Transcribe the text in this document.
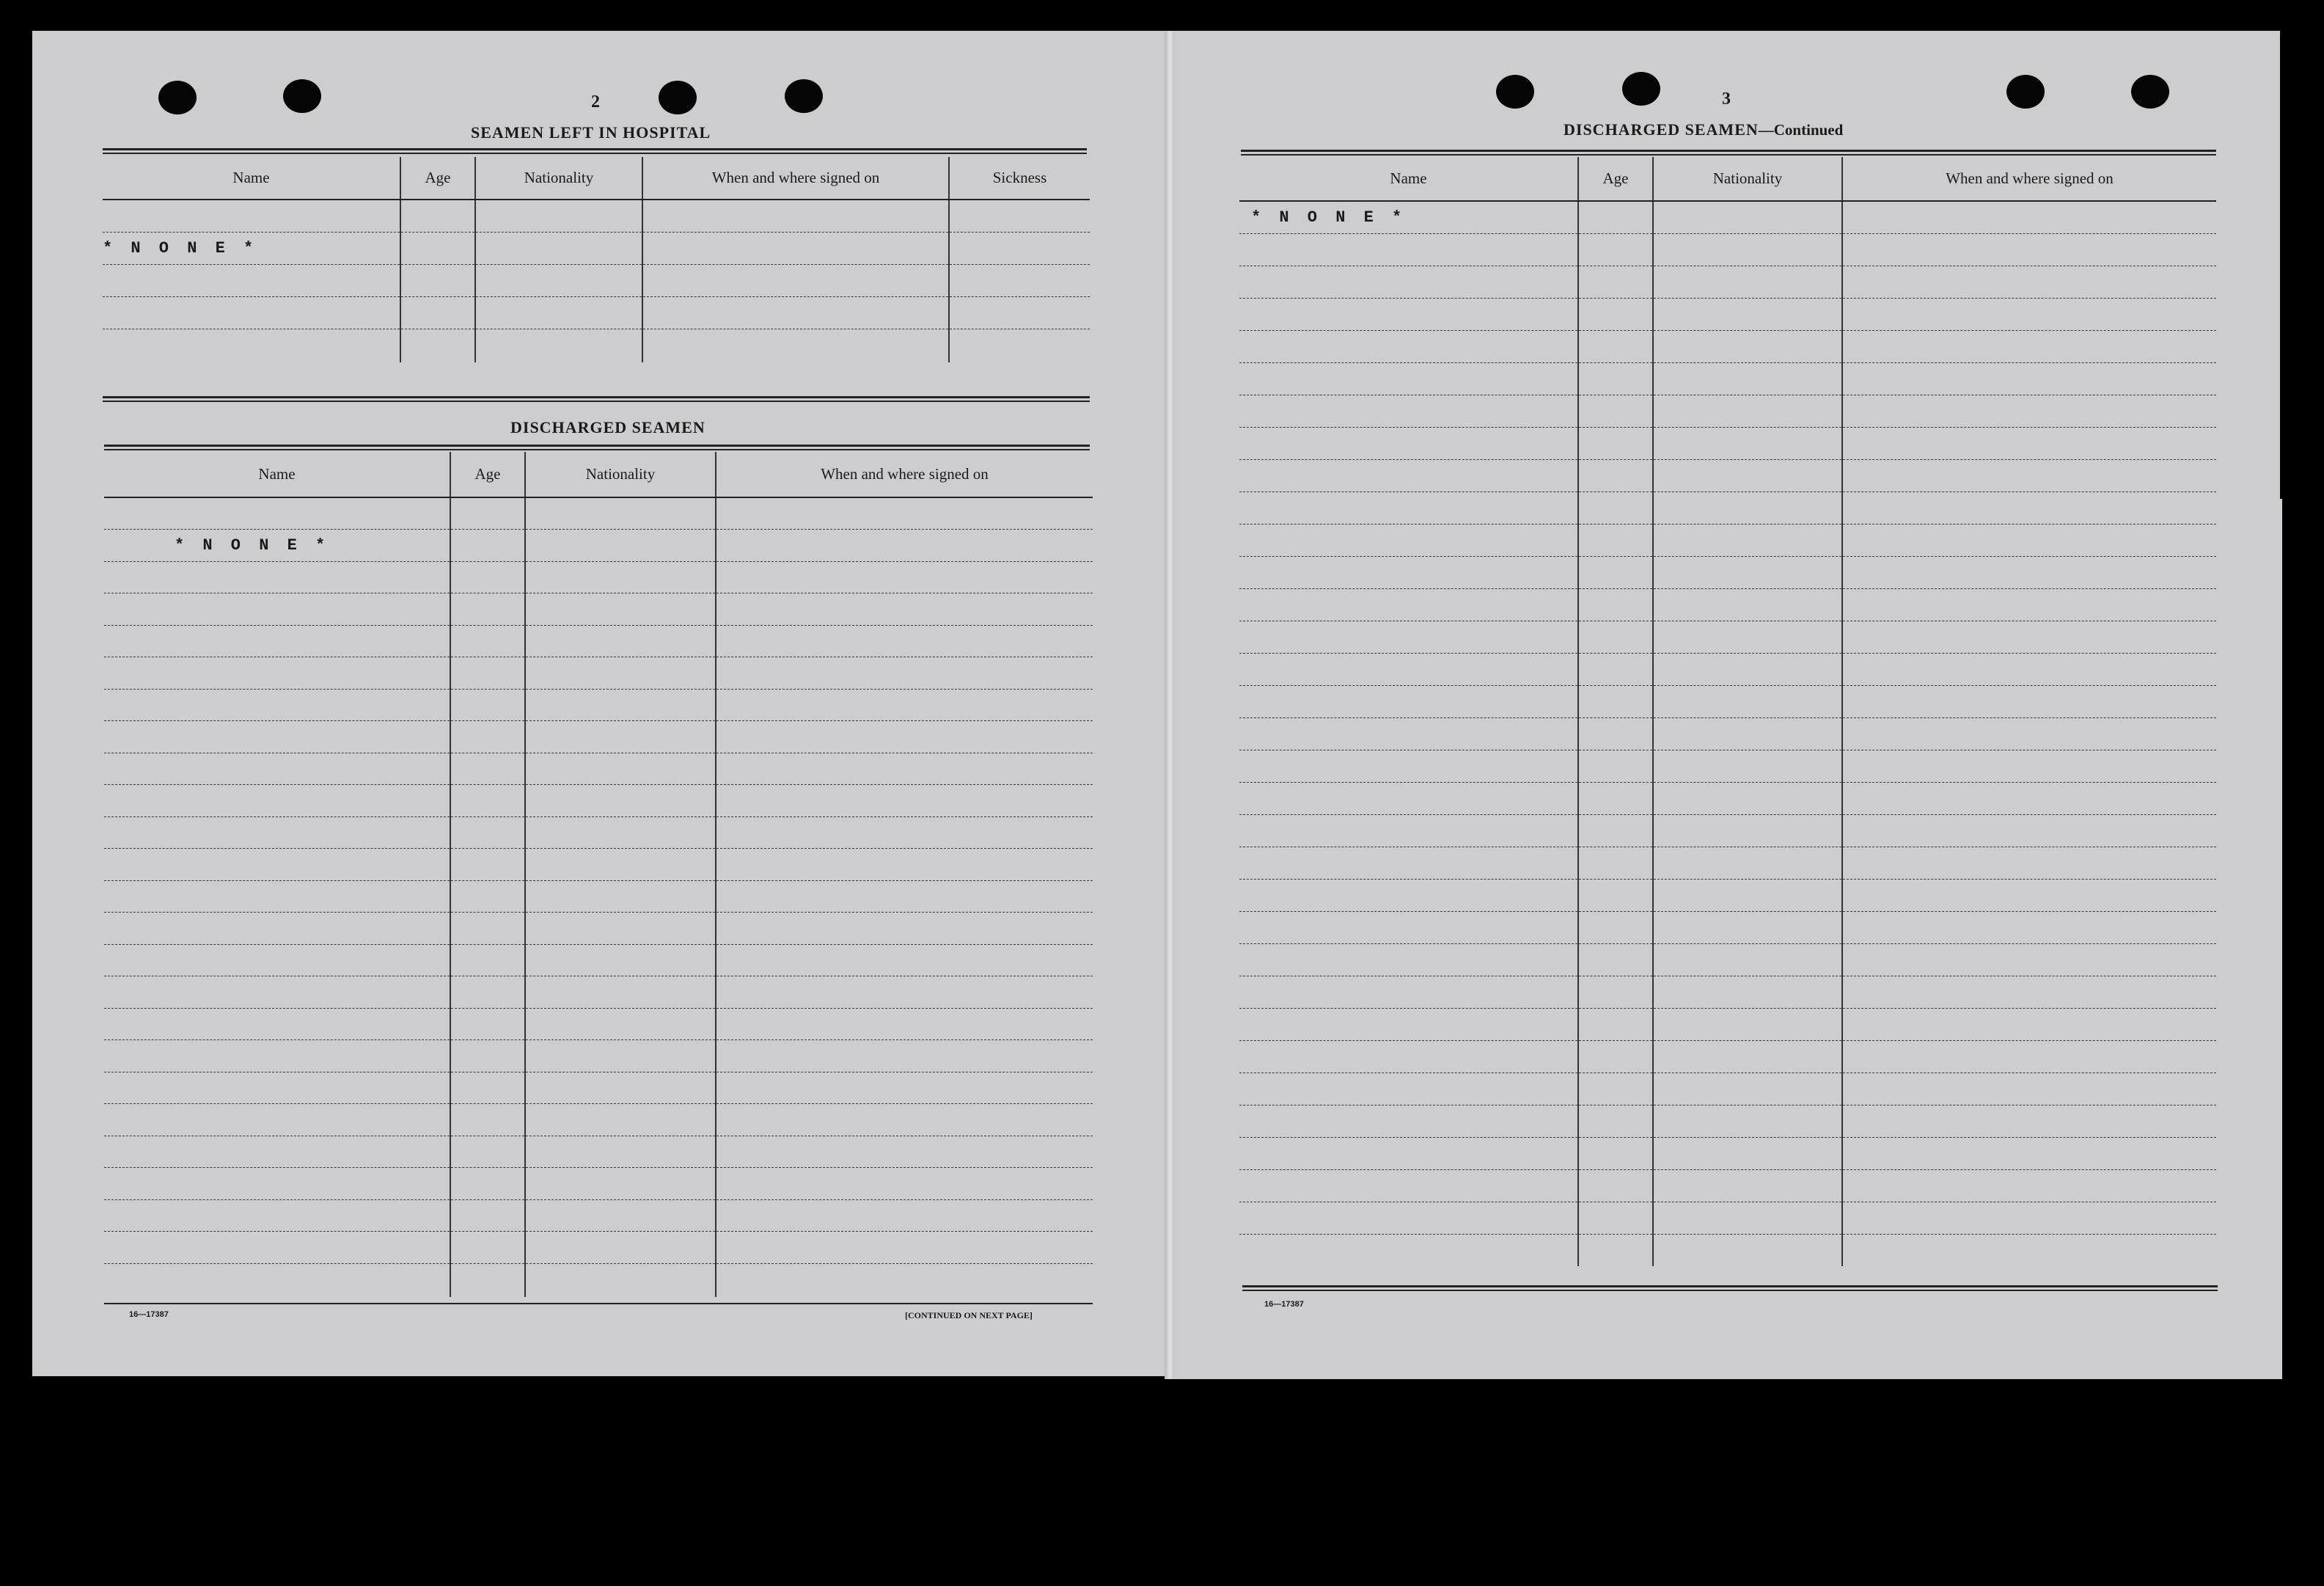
2
SEAMEN LEFT IN HOSPITAL
Name	Age	Nationality	When and where signed on	Sickness

* N O N E *				

DISCHARGED SEAMEN
Name	Age	Nationality	When and where signed on

* N O N E *			

16—17387	[CONTINUED ON NEXT PAGE]
3
DISCHARGED SEAMEN—Continued
Name	Age	Nationality	When and where signed on
* N O N E *			

16—17387
